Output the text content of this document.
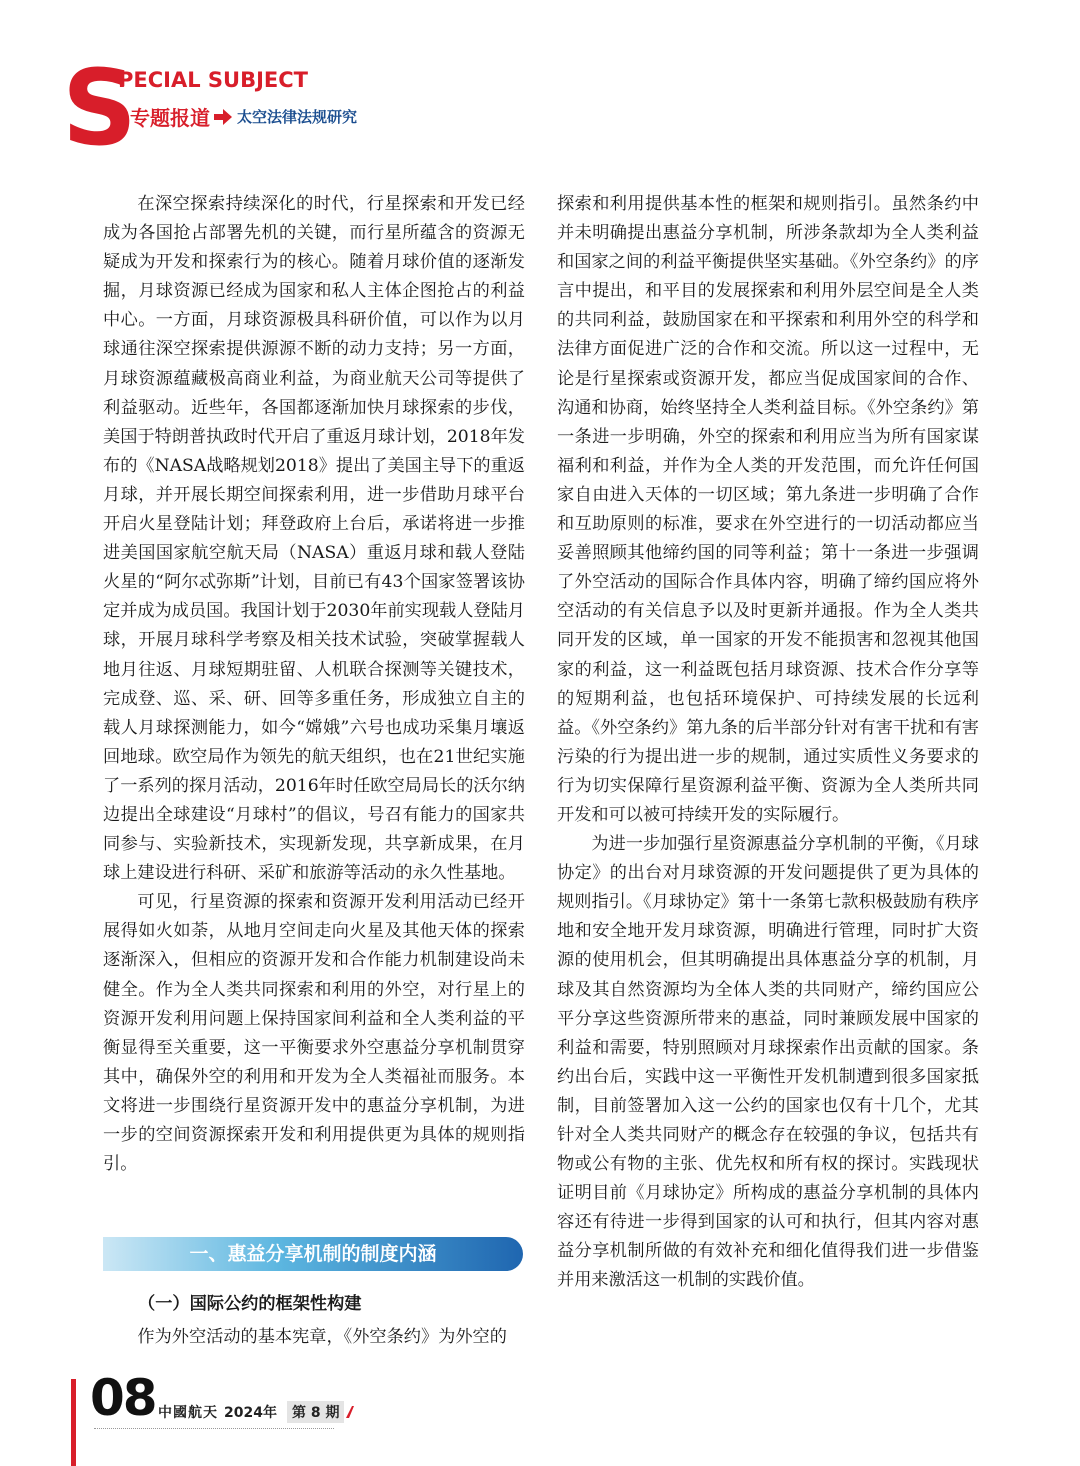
S
PECIAL SUBJECT
专题报道 太空法律法规研究

在深空探索持续深化的时代，行星探索和开发已经成为各国抢占部署先机的关键，而行星所蕴含的资源无疑成为开发和探索行为的核心。随着月球价值的逐渐发掘，月球资源已经成为国家和私人主体企图抢占的利益中心。一方面，月球资源极具科研价值，可以作为以月球通往深空探索提供源源不断的动力支持；另一方面，月球资源蕴藏极高商业利益，为商业航天公司等提供了利益驱动。近些年，各国都逐渐加快月球探索的步伐，美国于特朗普执政时代开启了重返月球计划，2018年发布的《NASA战略规划2018》提出了美国主导下的重返月球，并开展长期空间探索利用，进一步借助月球平台开启火星登陆计划；拜登政府上台后，承诺将进一步推进美国国家航空航天局（NASA）重返月球和载人登陆火星的“阿尔忒弥斯”计划，目前已有43个国家签署该协定并成为成员国。我国计划于2030年前实现载人登陆月球，开展月球科学考察及相关技术试验，突破掌握载人地月往返、月球短期驻留、人机联合探测等关键技术，完成登、巡、采、研、回等多重任务，形成独立自主的载人月球探测能力，如今“嫦娥”六号也成功采集月壤返回地球。欧空局作为领先的航天组织，也在21世纪实施了一系列的探月活动，2016年时任欧空局局长的沃尔纳边提出全球建设“月球村”的倡议，号召有能力的国家共同参与、实验新技术，实现新发现，共享新成果，在月球上建设进行科研、采矿和旅游等活动的永久性基地。

可见，行星资源的探索和资源开发利用活动已经开展得如火如荼，从地月空间走向火星及其他天体的探索逐渐深入，但相应的资源开发和合作能力机制建设尚未健全。作为全人类共同探索和利用的外空，对行星上的资源开发利用问题上保持国家间利益和全人类利益的平衡显得至关重要，这一平衡要求外空惠益分享机制贯穿其中，确保外空的利用和开发为全人类福祉而服务。本文将进一步围绕行星资源开发中的惠益分享机制，为进一步的空间资源探索开发和利用提供更为具体的规则指引。

一、惠益分享机制的制度内涵
（一）国际公约的框架性构建

作为外空活动的基本宪章，《外空条约》为外空的

探索和利用提供基本性的框架和规则指引。虽然条约中并未明确提出惠益分享机制，所涉条款却为全人类利益和国家之间的利益平衡提供坚实基础。《外空条约》的序言中提出，和平目的发展探索和利用外层空间是全人类的共同利益，鼓励国家在和平探索和利用外空的科学和法律方面促进广泛的合作和交流。所以这一过程中，无论是行星探索或资源开发，都应当促成国家间的合作、沟通和协商，始终坚持全人类利益目标。《外空条约》第一条进一步明确，外空的探索和利用应当为所有国家谋福利和利益，并作为全人类的开发范围，而允许任何国家自由进入天体的一切区域；第九条进一步明确了合作和互助原则的标准，要求在外空进行的一切活动都应当妥善照顾其他缔约国的同等利益；第十一条进一步强调了外空活动的国际合作具体内容，明确了缔约国应将外空活动的有关信息予以及时更新并通报。作为全人类共同开发的区域，单一国家的开发不能损害和忽视其他国家的利益，这一利益既包括月球资源、技术合作分享等的短期利益，也包括环境保护、可持续发展的长远利益。《外空条约》第九条的后半部分针对有害干扰和有害污染的行为提出进一步的规制，通过实质性义务要求的行为切实保障行星资源利益平衡、资源为全人类所共同开发和可以被可持续开发的实际履行。

为进一步加强行星资源惠益分享机制的平衡，《月球协定》的出台对月球资源的开发问题提供了更为具体的规则指引。《月球协定》第十一条第七款积极鼓励有秩序地和安全地开发月球资源，明确进行管理，同时扩大资源的使用机会，但其明确提出具体惠益分享的机制，月球及其自然资源均为全体人类的共同财产，缔约国应公平分享这些资源所带来的惠益，同时兼顾发展中国家的利益和需要，特别照顾对月球探索作出贡献的国家。条约出台后，实践中这一平衡性开发机制遭到很多国家抵制，目前签署加入这一公约的国家也仅有十几个，尤其针对全人类共同财产的概念存在较强的争议，包括共有物或公有物的主张、优先权和所有权的探讨。实践现状证明目前《月球协定》所构成的惠益分享机制的具体内容还有待进一步得到国家的认可和执行，但其内容对惠益分享机制所做的有效补充和细化值得我们进一步借鉴并用来激活这一机制的实践价值。

08 中國航天 2024年	第 8 期
